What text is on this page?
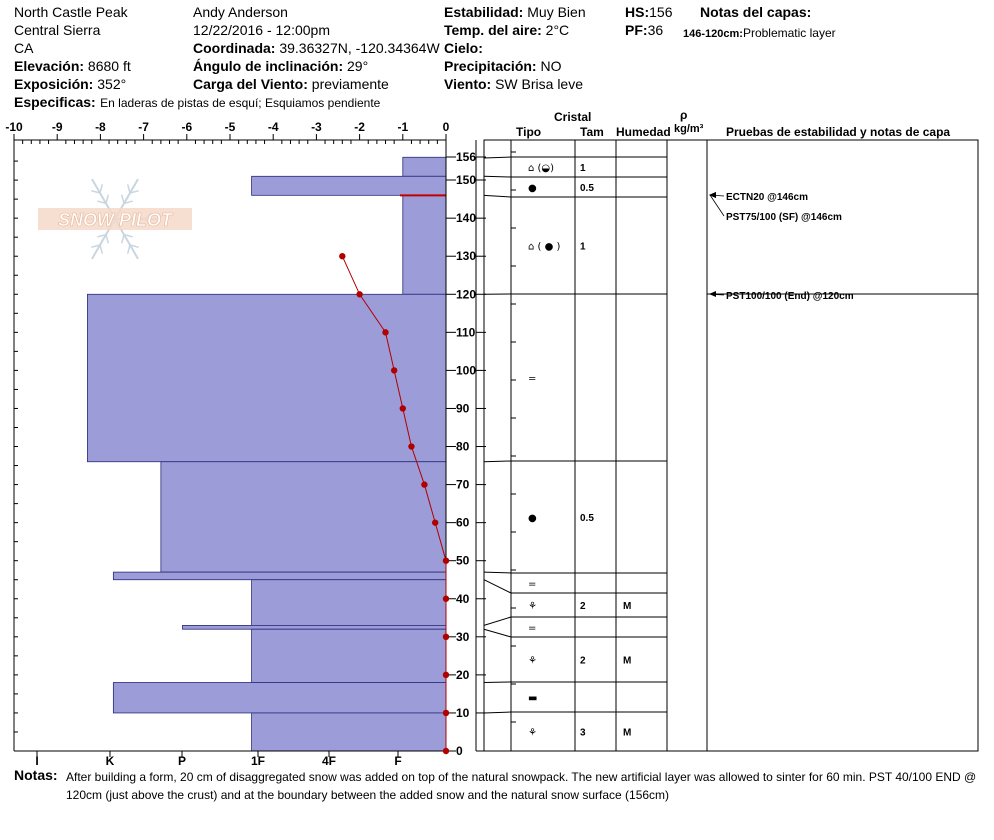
North Castle Peak
Central Sierra
CA
Elevación: 8680 ft
Exposición: 352°
Especificas: En laderas de pistas de esquí; Esquiamos pendiente
Andy Anderson
12/22/2016 - 12:00pm
Coordinada: 39.36327N, -120.34364W
Ángulo de inclinación: 29°
Carga del Viento: previamente
Estabilidad: Muy Bien
Temp. del aire: 2°C
Cielo:
Precipitación: NO
Viento: SW Brisa leve
HS:156
PF:36
Notas del capas:
146-120cm:Problematic layer
Cristal
Tipo	Tam Humedad
ρ
kg/m³ Pruebas de estabilidad y notas de capa
SNOW PILOT
-10 -9	-8	-7	-6	-5	-4	-3	-2	-1	0
I	K	P	1F	4F	F
0
10
20
30
40
50
60
70
80
90
100
110
120
130
140
150
156
⌂ (◒)	1
●	0.5
⌂ ( ● ) 1
=
●	0.5
=
⚘	2	M
=
⚘	2	M
▬
⚘	3	M
ECTN20 @146cm
PST75/100 (SF) @146cm
PST100/100 (End) @120cm
Notas: After building a form, 20 cm of disaggregated snow was added on top of the natural snowpack. The new artificial layer was allowed to sinter for 60 min. PST 40/100 END @ 120cm (just above the crust) and at the boundary between the added snow and the natural snow surface (156cm)
